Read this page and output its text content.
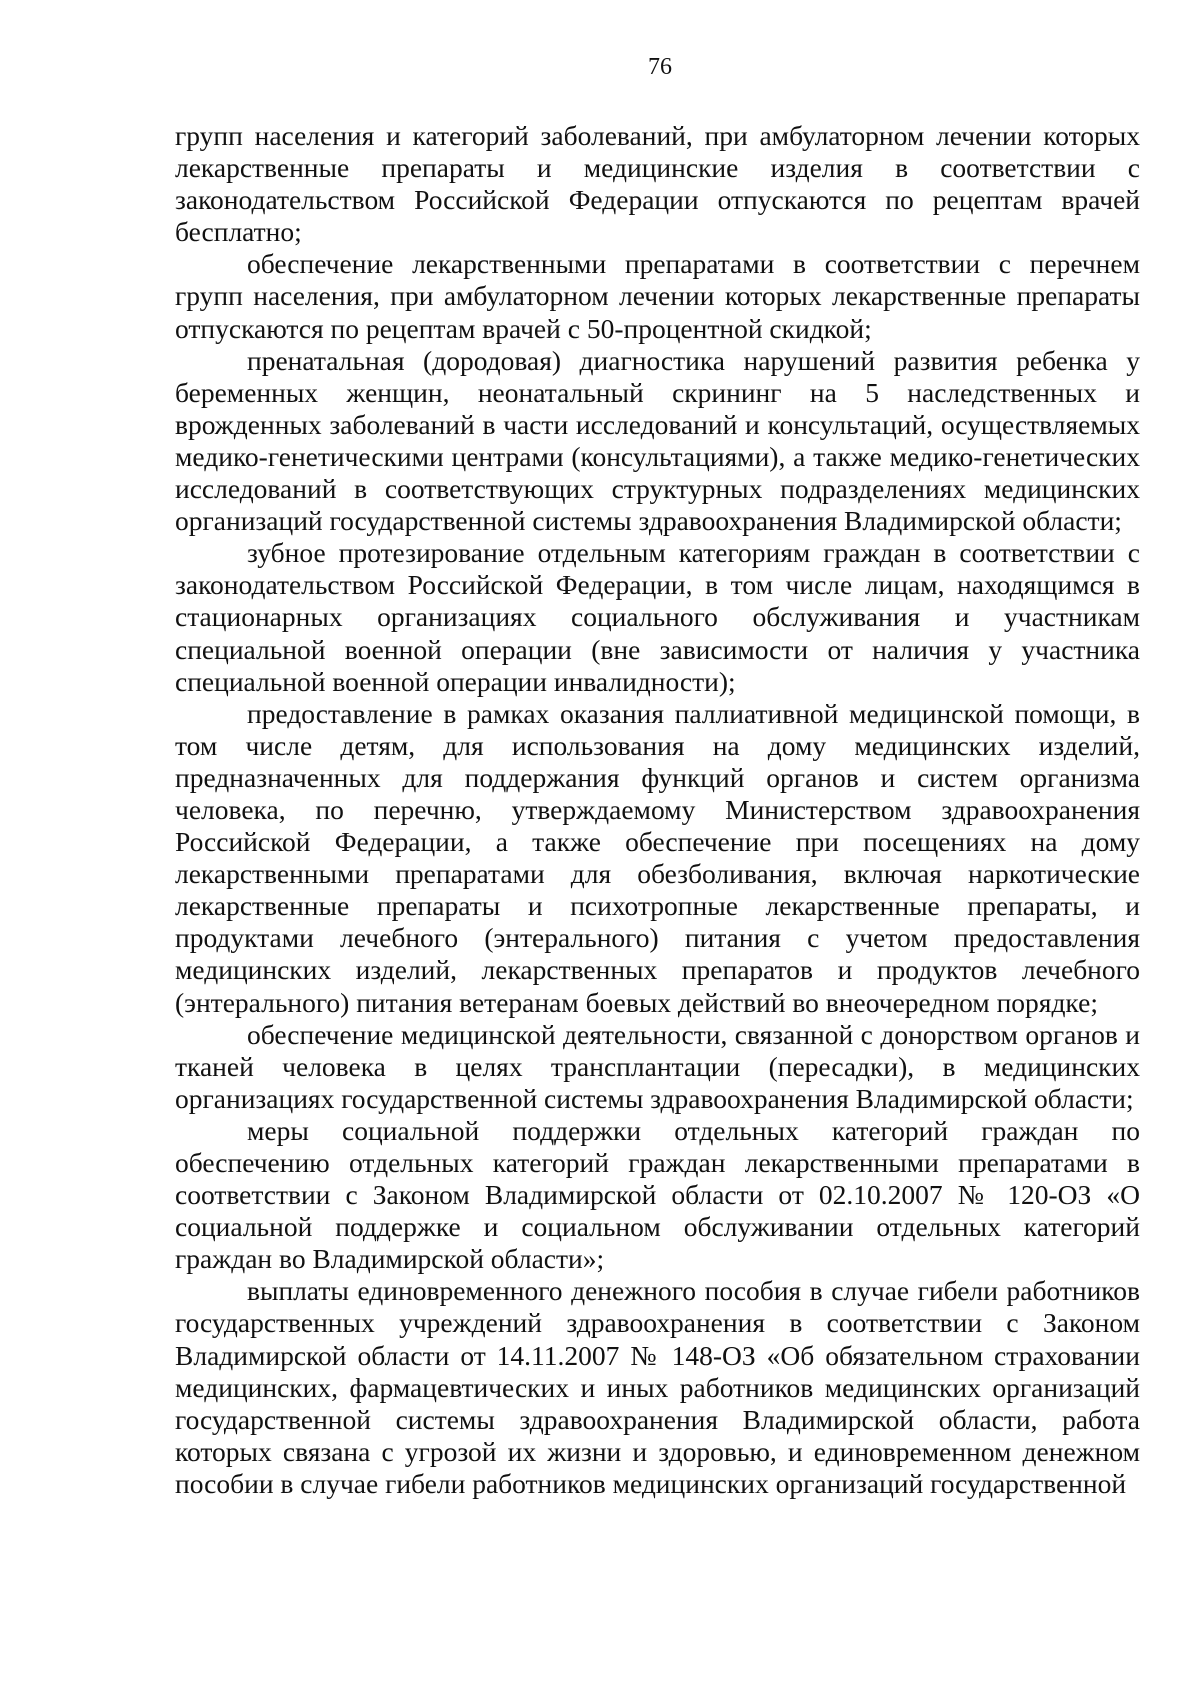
76

групп населения и категорий заболеваний, при амбулаторном лечении которых лекарственные препараты и медицинские изделия в соответствии с законодательством Российской Федерации отпускаются по рецептам врачей бесплатно;

обеспечение лекарственными препаратами в соответствии с перечнем групп населения, при амбулаторном лечении которых лекарственные препараты отпускаются по рецептам врачей с 50-процентной скидкой;

пренатальная (дородовая) диагностика нарушений развития ребенка у беременных женщин, неонатальный скрининг на 5 наследственных и врожденных заболеваний в части исследований и консультаций, осуществляемых медико-генетическими центрами (консультациями), а также медико-генетических исследований в соответствующих структурных подразделениях медицинских организаций государственной системы здравоохранения Владимирской области;

зубное протезирование отдельным категориям граждан в соответствии с законодательством Российской Федерации, в том числе лицам, находящимся в стационарных организациях социального обслуживания и участникам специальной военной операции (вне зависимости от наличия у участника специальной военной операции инвалидности);

предоставление в рамках оказания паллиативной медицинской помощи, в том числе детям, для использования на дому медицинских изделий, предназначенных для поддержания функций органов и систем организма человека, по перечню, утверждаемому Министерством здравоохранения Российской Федерации, а также обеспечение при посещениях на дому лекарственными препаратами для обезболивания, включая наркотические лекарственные препараты и психотропные лекарственные препараты, и продуктами лечебного (энтерального) питания с учетом предоставления медицинских изделий, лекарственных препаратов и продуктов лечебного (энтерального) питания ветеранам боевых действий во внеочередном порядке;

обеспечение медицинской деятельности, связанной с донорством органов и тканей человека в целях трансплантации (пересадки), в медицинских организациях государственной системы здравоохранения Владимирской области;

меры социальной поддержки отдельных категорий граждан по обеспечению отдельных категорий граждан лекарственными препаратами в соответствии с Законом Владимирской области от 02.10.2007 № 120-ОЗ «О социальной поддержке и социальном обслуживании отдельных категорий граждан во Владимирской области»;

выплаты единовременного денежного пособия в случае гибели работников государственных учреждений здравоохранения в соответствии с Законом Владимирской области от 14.11.2007 № 148-ОЗ «Об обязательном страховании медицинских, фармацевтических и иных работников медицинских организаций государственной системы здравоохранения Владимирской области, работа которых связана с угрозой их жизни и здоровью, и единовременном денежном пособии в случае гибели работников медицинских организаций государственной
